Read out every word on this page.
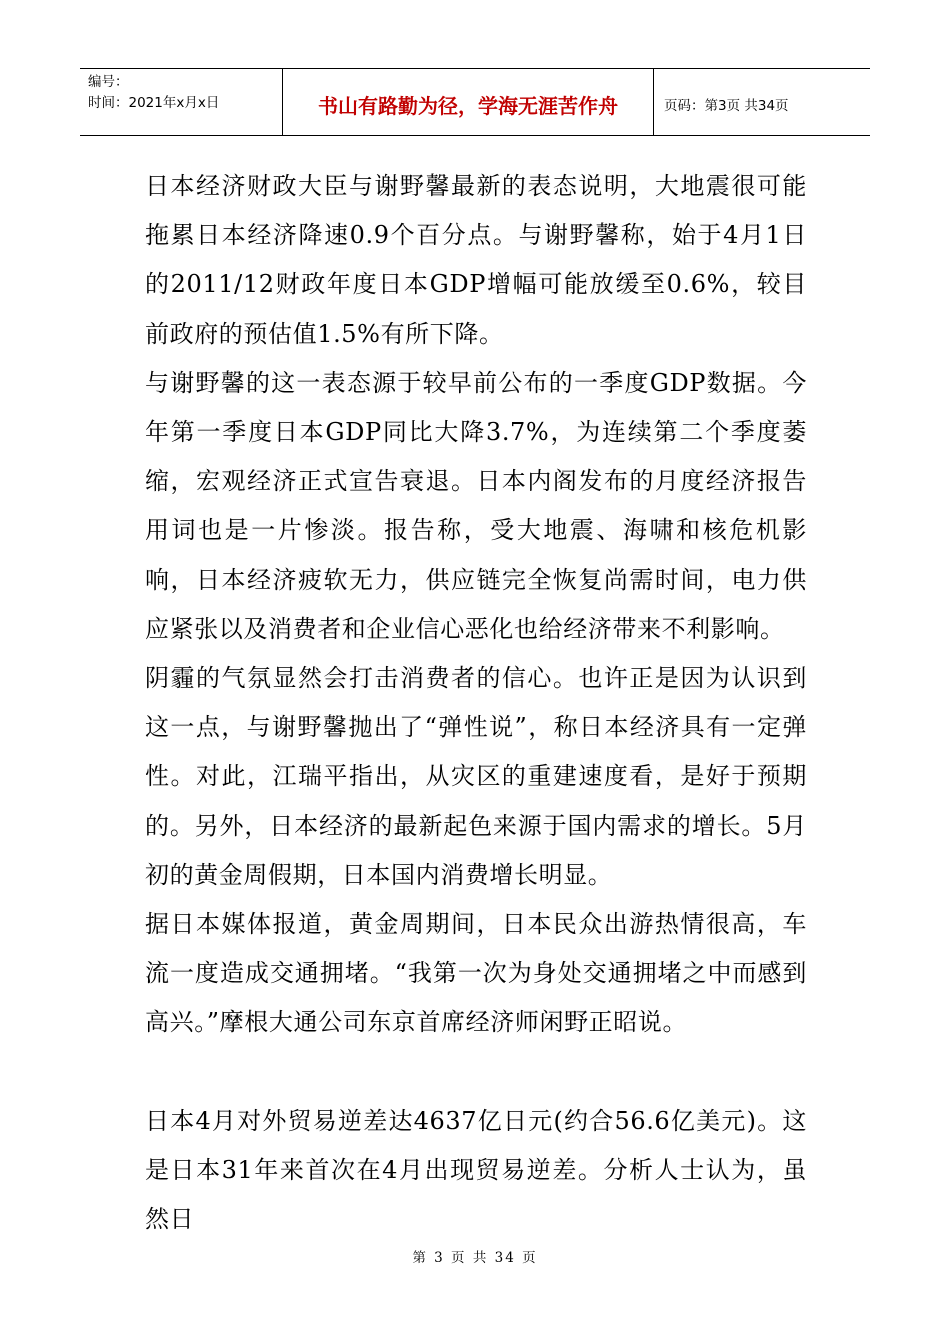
编号：
时间：2021年x月x日	书山有路勤为径，学海无涯苦作舟	页码：第3页 共34页

日本经济财政大臣与谢野馨最新的表态说明，大地震很可能拖累日本经济降速0.9个百分点。与谢野馨称，始于4月1日的2011/12财政年度日本GDP增幅可能放缓至0.6%，较目前政府的预估值1.5%有所下降。

与谢野馨的这一表态源于较早前公布的一季度GDP数据。今年第一季度日本GDP同比大降3.7%，为连续第二个季度萎缩，宏观经济正式宣告衰退。日本内阁发布的月度经济报告用词也是一片惨淡。报告称，受大地震、海啸和核危机影响，日本经济疲软无力，供应链完全恢复尚需时间，电力供应紧张以及消费者和企业信心恶化也给经济带来不利影响。

阴霾的气氛显然会打击消费者的信心。也许正是因为认识到这一点，与谢野馨抛出了“弹性说”，称日本经济具有一定弹性。对此，江瑞平指出，从灾区的重建速度看，是好于预期的。另外，日本经济的最新起色来源于国内需求的增长。5月初的黄金周假期，日本国内消费增长明显。

据日本媒体报道，黄金周期间，日本民众出游热情很高，车流一度造成交通拥堵。“我第一次为身处交通拥堵之中而感到高兴。”摩根大通公司东京首席经济师闲野正昭说。

日本4月对外贸易逆差达4637亿日元(约合56.6亿美元)。这是日本31年来首次在4月出现贸易逆差。分析人士认为，虽然日

第 3 页 共 34 页
